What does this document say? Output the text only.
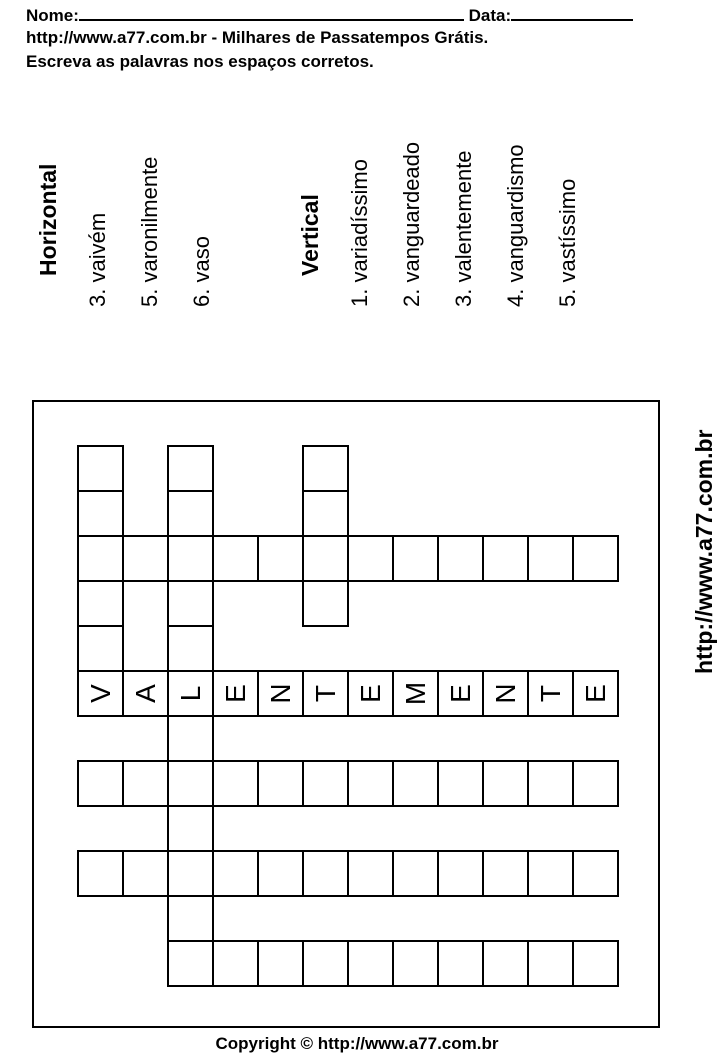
Nome:	Data:
http://www.a77.com.br - Milhares de Passatempos Grátis.
Escreva as palavras nos espaços corretos.
Horizontal 3. vaivém 5. varonilmente 6. vaso	Vertical 1. variadíssimo 2. vanguardeado 3. valentemente 4. vanguardismo 5. vastíssimo
http://www.a77.com.br
V L
A E N T E M E N T E
Copyright © http://www.a77.com.br
